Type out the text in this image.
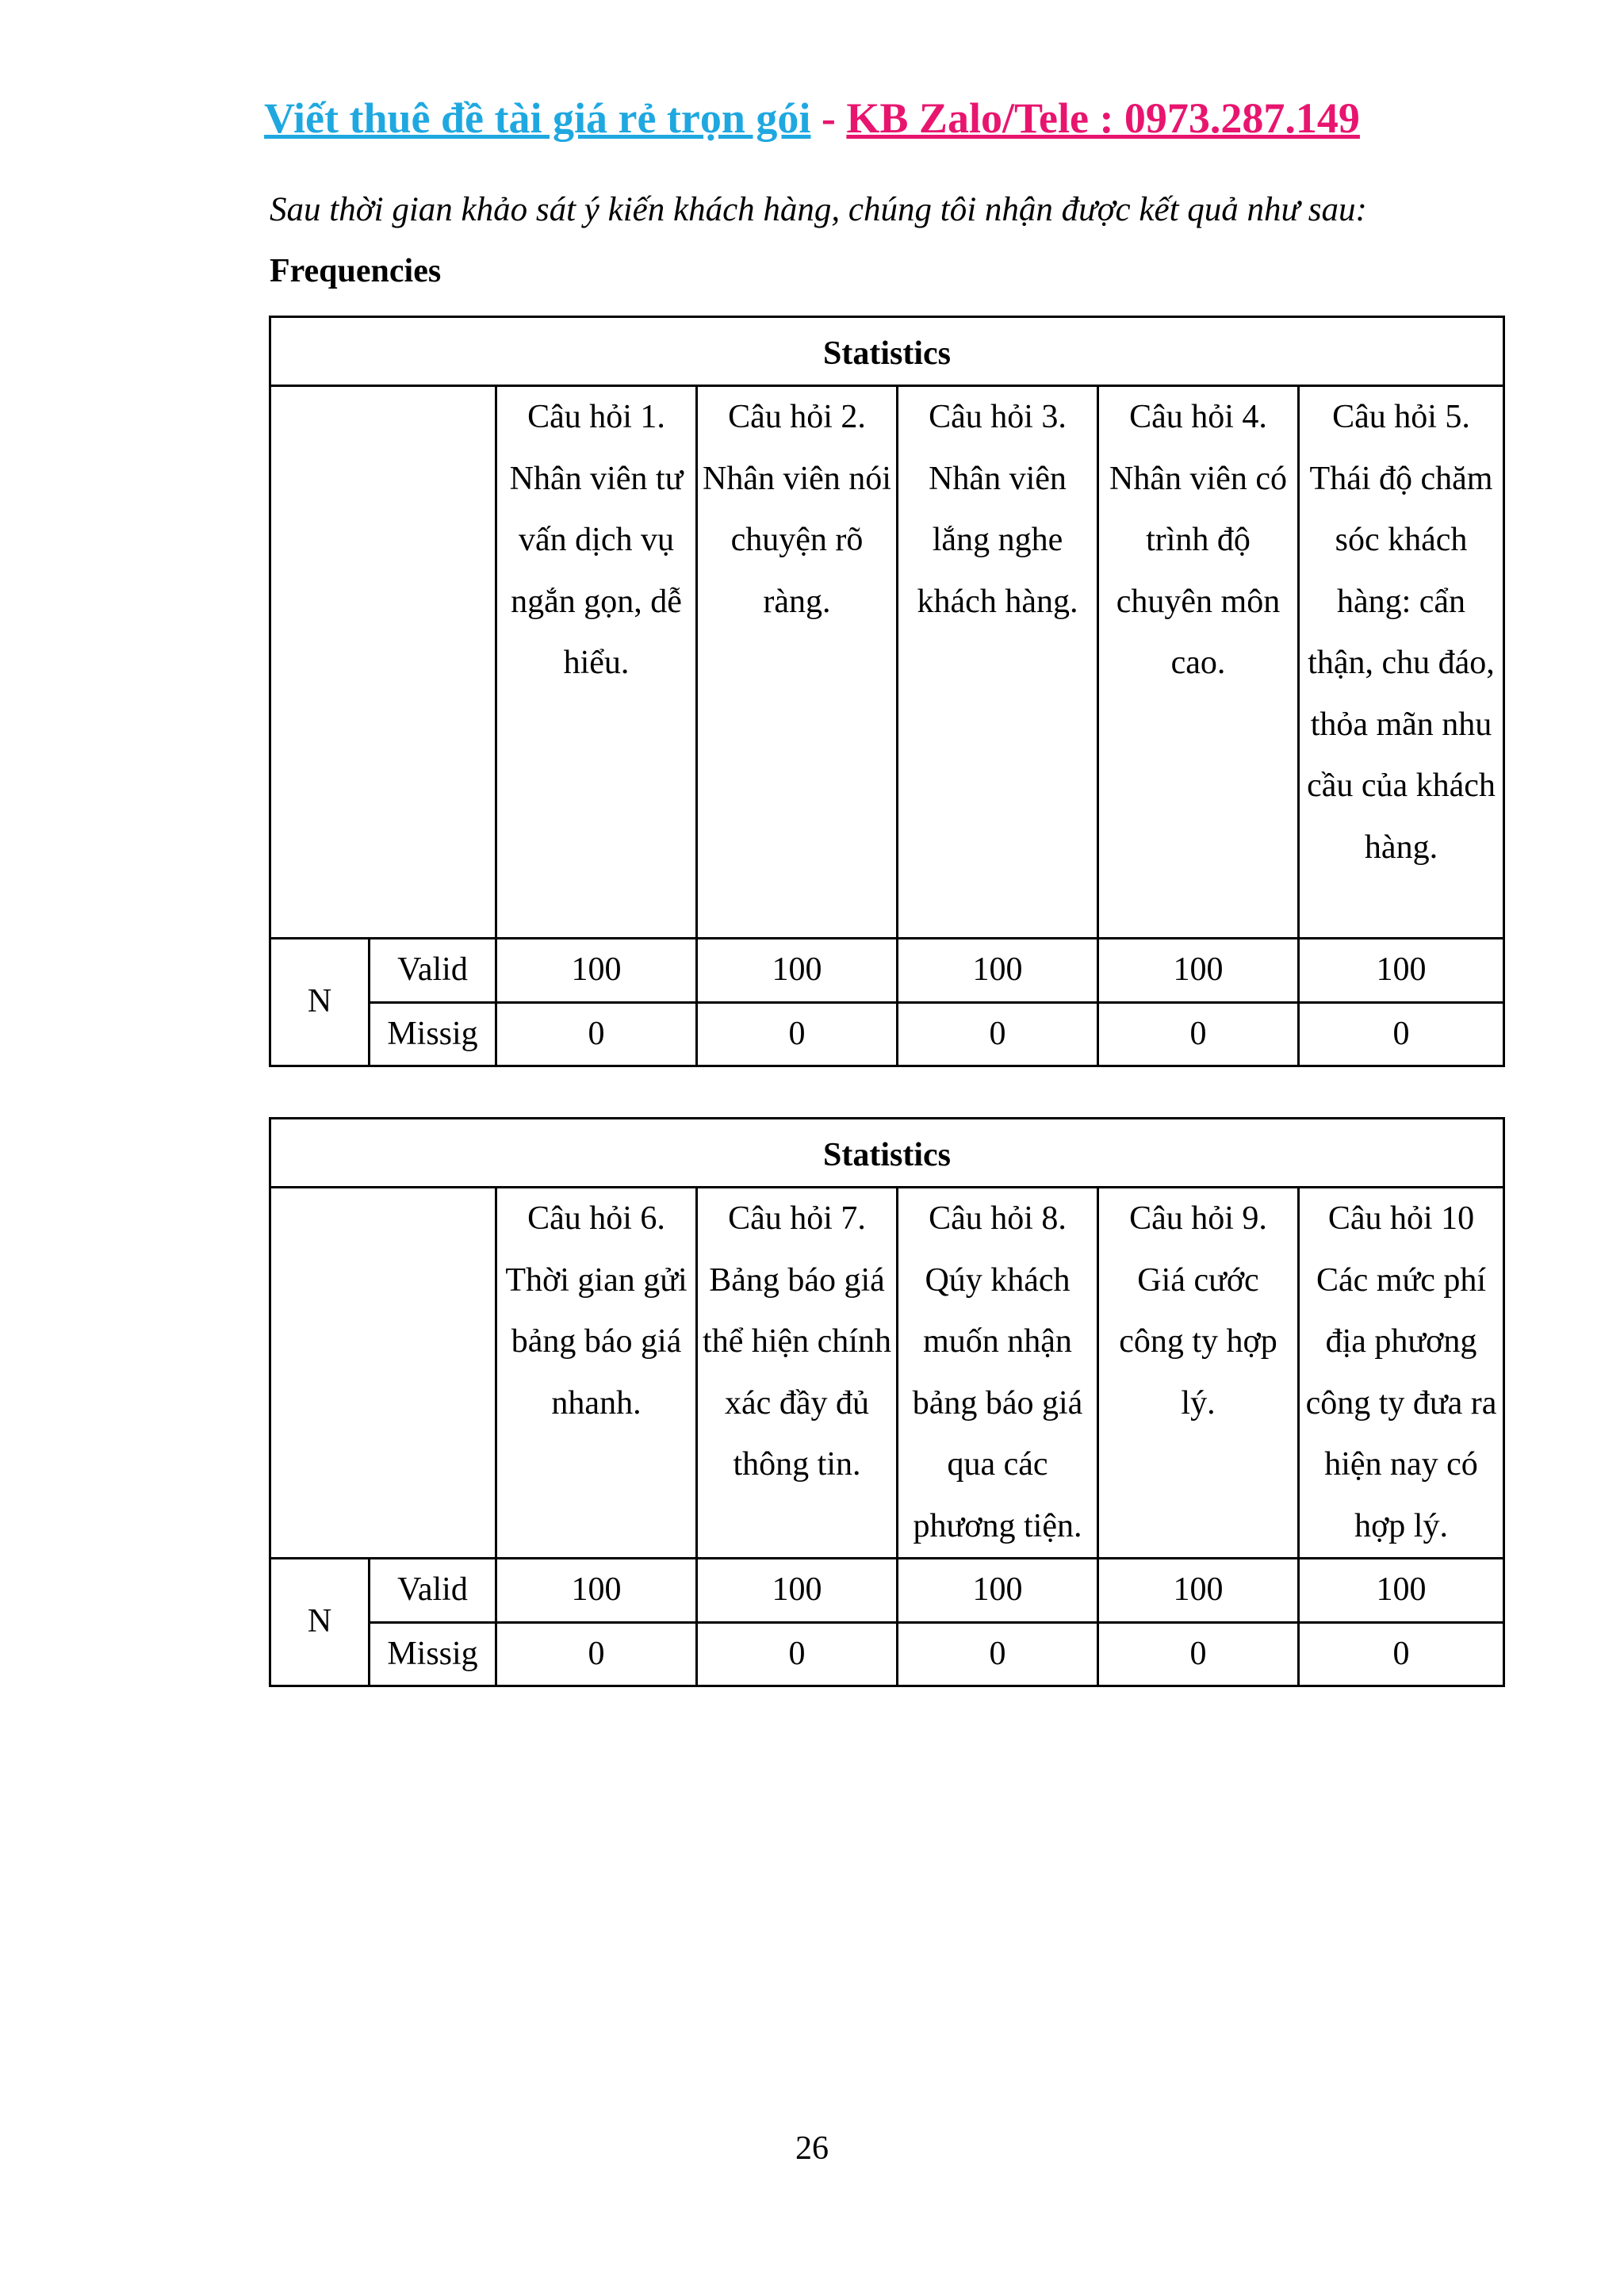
Viết thuê đề tài giá rẻ trọn gói - KB Zalo/Tele : 0973.287.149
Sau thời gian khảo sát ý kiến khách hàng, chúng tôi nhận được kết quả như sau:
Frequencies
Statistics						
		Câu hỏi 1. Nhân viên tư vấn dịch vụ ngắn gọn, dễ hiểu.	Câu hỏi 2. Nhân viên nói chuyện rõ ràng.	Câu hỏi 3. Nhân viên lắng nghe khách hàng.	Câu hỏi 4. Nhân viên có trình độ chuyên môn cao.	Câu hỏi 5. Thái độ chăm sóc khách hàng: cẩn thận, chu đáo, thỏa mãn nhu cầu của khách hàng.
N	Valid	100	100	100	100	100
	Missig	0	0	0	0	0
Statistics						
		Câu hỏi 6. Thời gian gửi bảng báo giá nhanh.	Câu hỏi 7. Bảng báo giá thể hiện chính xác đầy đủ thông tin.	Câu hỏi 8. Qúy khách muốn nhận bảng báo giá qua các phương tiện.	Câu hỏi 9. Giá cước công ty hợp lý.	Câu hỏi 10 Các mức phí địa phương công ty đưa ra hiện nay có hợp lý.
N	Valid	100	100	100	100	100
	Missig	0	0	0	0	0
26
